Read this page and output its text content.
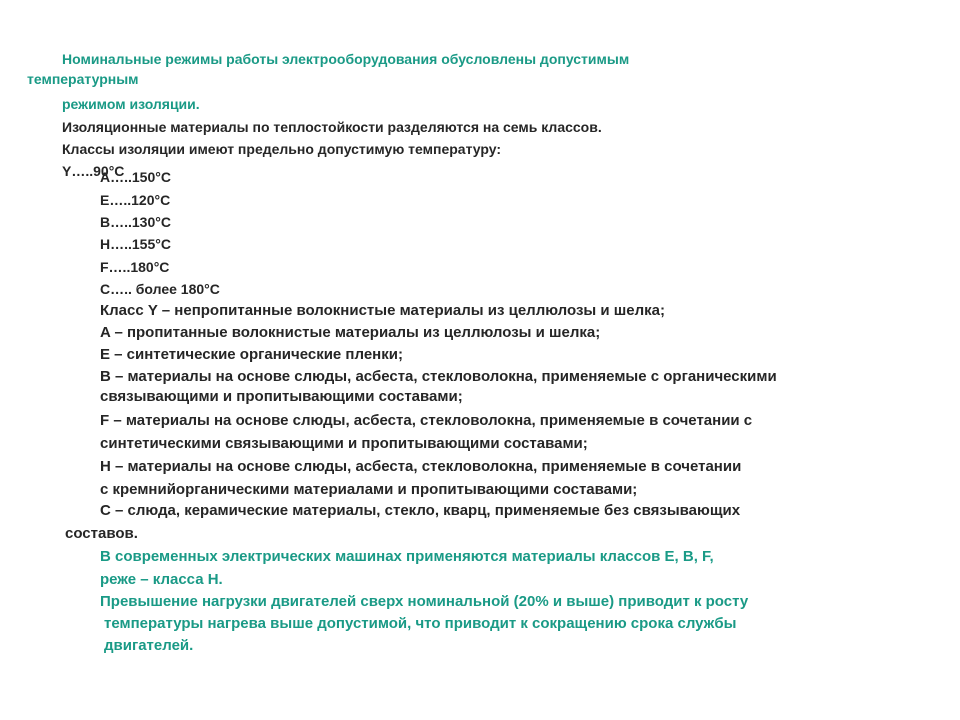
Номинальные режимы работы электрооборудования обусловлены допустимым

температурным

режимом изоляции.

Изоляционные материалы по теплостойкости разделяются на семь классов.

Классы изоляции имеют предельно допустимую температуру:

Y…..90°C

A…..150°C

E…..120°C

B…..130°C

H…..155°C

F…..180°C

C….. более 180°C

Класс Y – непропитанные волокнистые материалы из целлюлозы и шелка;

A – пропитанные волокнистые материалы из целлюлозы и шелка;

E – синтетические органические пленки;

B – материалы на основе слюды, асбеста, стекловолокна, применяемые с органическими

связывающими и пропитывающими составами;

F – материалы на основе слюды, асбеста, стекловолокна, применяемые в сочетании с

синтетическими связывающими и пропитывающими составами;

H – материалы на основе слюды, асбеста, стекловолокна, применяемые в сочетании

с кремнийорганическими материалами и пропитывающими составами;

C – слюда, керамические материалы, стекло, кварц, применяемые без связывающих

составов.

В современных электрических машинах применяются материалы классов E, B, F,

реже – класса H.

Превышение нагрузки двигателей сверх номинальной (20% и выше) приводит к росту

температуры нагрева выше допустимой, что приводит к сокращению срока службы

двигателей.
